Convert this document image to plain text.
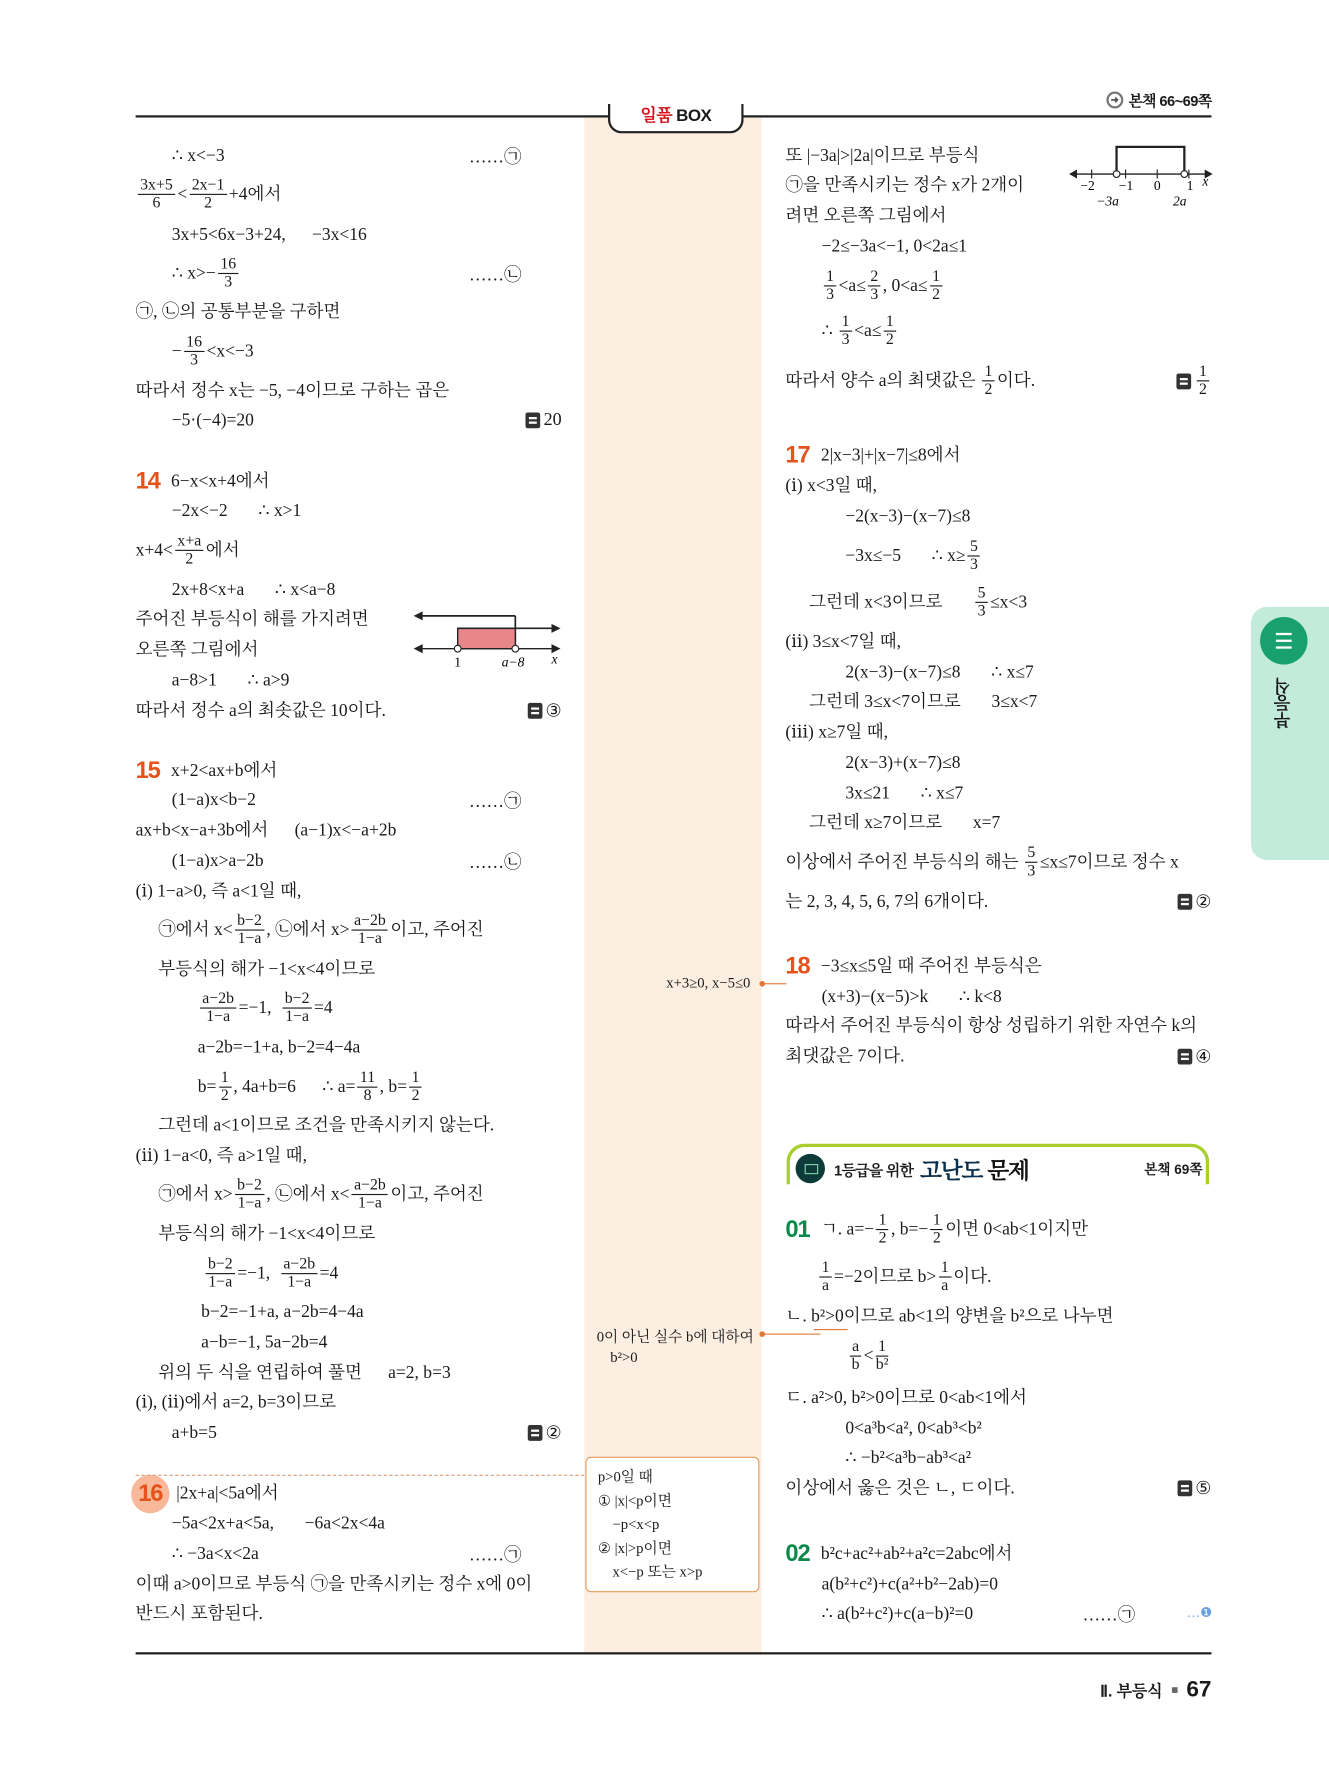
일품 BOX
➜ 본책 66~69쪽
∴ x<−3	……㉠
$\frac{3x+5}{6} < \frac{2x-1}{2} +4$에서
3x+5<6x−3+24,      −3x<16
∴ $x>- \frac{16}{3}$	……㉡
㉠, ㉡의 공통부분을 구하면
− $\frac{16}{3} <x<-3$
따라서 정수 x는 −5, −4이므로 구하는 곱은
−5·(−4)=20	20
14 6−x<x+4에서
−2x<−2       ∴ x>1
$x+4< \frac{x+a}{2}$ 에서
2x+8<x+a       ∴ x<a−8
주어진 부등식이 해를 가지려면
오른쪽 그림에서
a−8>1       ∴ a>9
따라서 정수 a의 최솟값은 10이다.	③
15 x+2<ax+b에서
(1−a)x<b−2	……㉠
ax+b<x−a+3b에서      (a−1)x<−a+2b
(1−a)x>a−2b	……㉡
(ⅰ) 1−a>0, 즉 a<1일 때,
㉠에서 $x< \frac{b-2}{1-a}$ , ㉡에서 $x> \frac{a-2b}{1-a}$ 이고, 주어진
부등식의 해가 −1<x<4이므로
$\frac{a-2b}{1-a} =-1$, $\frac{b-2}{1-a} =4$
a−2b=−1+a, b−2=4−4a
$b= \frac{1}{2}$ , 4a+b=6      ∴ $a= \frac{11}{8}$ , $b= \frac{1}{2}$
그런데 a<1이므로 조건을 만족시키지 않는다.
(ⅱ) 1−a<0, 즉 a>1일 때,
㉠에서 $x> \frac{b-2}{1-a}$ , ㉡에서 $x< \frac{a-2b}{1-a}$ 이고, 주어진
부등식의 해가 −1<x<4이므로
$\frac{b-2}{1-a} =-1$, $\frac{a-2b}{1-a} =4$
b−2=−1+a, a−2b=4−4a
a−b=−1, 5a−2b=4
위의 두 식을 연립하여 풀면      a=2, b=3
(ⅰ), (ⅱ)에서 a=2, b=3이므로
a+b=5	②
16 |2x+a|<5a에서
−5a<2x+a<5a,       −6a<2x<4a
∴ −3a<x<2a	……㉠
이때 a>0이므로 부등식 ㉠을 만족시키는 정수 x에 0이
반드시 포함된다.
또 |−3a|>|2a|이므로 부등식
㉠을 만족시키는 정수 x가 2개이
려면 오른쪽 그림에서
−2≤−3a<−1, 0<2a≤1
$\frac{1}{3} <a\le \frac{2}{3}$ , $0<a\le \frac{1}{2}$
∴ $\frac{1}{3} <a\le \frac{1}{2}$
따라서 양수 a의 최댓값은 $\frac{1}{2}$ 이다.	$\frac{1}{2}$
17 2|x−3|+|x−7|≤8에서
(ⅰ) x<3일 때,
−2(x−3)−(x−7)≤8
−3x≤−5       ∴ $x\ge \frac{5}{3}$
그런데 x<3이므로 $\frac{5}{3} \le x<3$
(ⅱ) 3≤x<7일 때,
2(x−3)−(x−7)≤8       ∴ x≤7
그런데 3≤x<7이므로       3≤x<7
(ⅲ) x≥7일 때,
2(x−3)+(x−7)≤8
3x≤21       ∴ x≤7
그런데 x≥7이므로       x=7
이상에서 주어진 부등식의 해는 $\frac{5}{3} \le x\le 7$이므로 정수 x
는 2, 3, 4, 5, 6, 7의 6개이다.	②
18 −3≤x≤5일 때 주어진 부등식은
(x+3)−(x−5)>k       ∴ k<8
따라서 주어진 부등식이 항상 성립하기 위한 자연수 k의
최댓값은 7이다.	④
01 ㄱ. $a=- \frac{1}{2}$ , $b=- \frac{1}{2}$ 이면 0<ab<1이지만
$\frac{1}{a} =-2$이므로 $b> \frac{1}{a}$ 이다.
ㄴ. b²>0이므로 ab<1의 양변을 b²으로 나누면
$\frac{a}{b} < \frac{1}{\text{b²}}$
ㄷ. a²>0, b²>0이므로 0<ab<1에서
0<a³b<a², 0<ab³<b²
∴ −b²<a³b−ab³<a²
이상에서 옳은 것은 ㄴ, ㄷ이다.	⑤
02 b²c+ac²+ab²+a²c=2abc에서
a(b²+c²)+c(a²+b²−2ab)=0
∴ a(b²+c²)+c(a−b)²=0	……㉠	…❶
1	a−8 x
−2 −1 0 1 x
−3a	2a
x+3≥0, x−5≤0
0이 아닌 실수 b에 대하여
b²>0
p>0일 때
① |x|<p이면
−p<x<p
② |x|>p이면
x<−p 또는 x>p
1등급을 위한 고난도 문제	본책 69쪽
부등식
Ⅱ. 부등식 67
